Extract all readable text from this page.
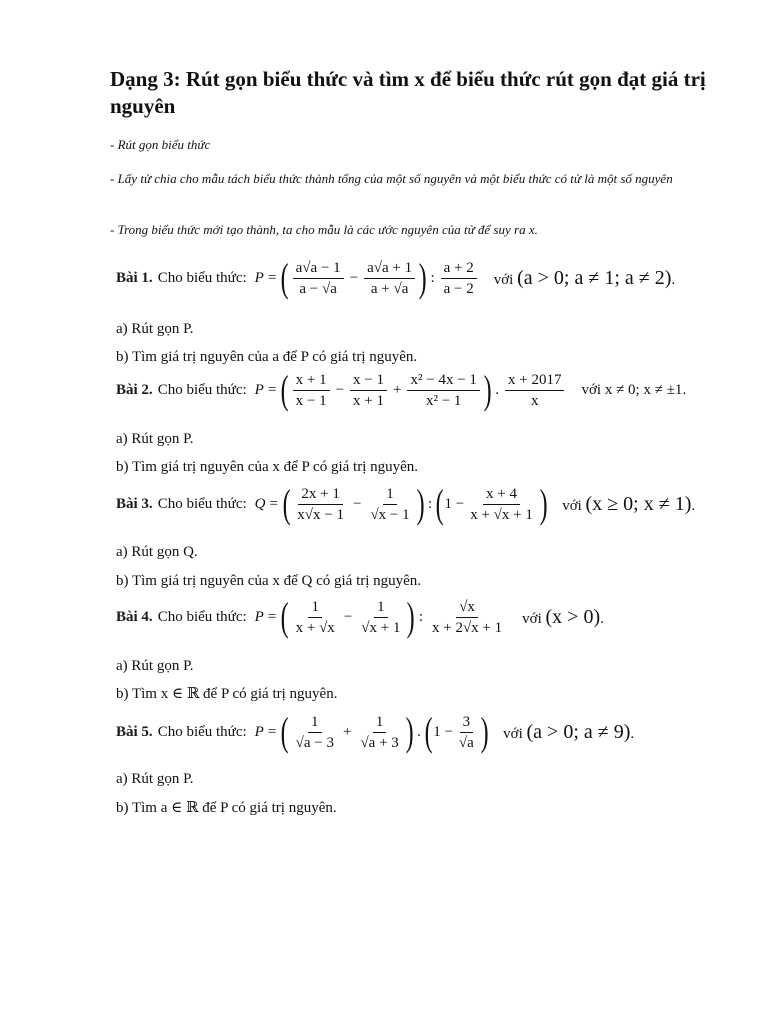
Dạng 3: Rút gọn biểu thức và tìm x để biểu thức rút gọn đạt giá trị nguyên
- Rút gọn biểu thức
- Lấy tử chia cho mẫu tách biểu thức thành tổng của một số nguyên và một biểu thức có tử là một số nguyên
- Trong biểu thức mới tạo thành, ta cho mẫu là các ước nguyên của tử để suy ra x.
Bài 1. Cho biểu thức: P = ( $\frac{a√a - 1}{a - √a} - \frac{a√a + 1}{a + √a}$ ) : $\frac{a + 2}{a - 2}$ với (a > 0; a ≠ 1; a ≠ 2).
a) Rút gọn P.
b) Tìm giá trị nguyên của a để P có giá trị nguyên.
Bài 2. Cho biểu thức: P = ( $\frac{x + 1}{x - 1} - \frac{x - 1}{x + 1} + \frac{\text{x² − 4x − 1}}{\text{x² − 1}}$ ) . $\frac{x + 2017}{x}$ với x ≠ 0; x ≠ ±1.
a) Rút gọn P.
b) Tìm giá trị nguyên của x để P có giá trị nguyên.
Bài 3. Cho biểu thức: Q = ( $\frac{2x + 1}{x√x - 1} - \frac{1}{√x - 1}$ ) : ( $1 - \frac{x + 4}{x + √x + 1}$ ) với (x ≥ 0; x ≠ 1).
a) Rút gọn Q.
b) Tìm giá trị nguyên của x để Q có giá trị nguyên.
Bài 4. Cho biểu thức: P = ( $\frac{1}{x + √x} - \frac{1}{√x + 1}$ ) : $\frac{√x}{x + 2√x + 1}$ với (x > 0).
a) Rút gọn P.
b) Tìm x ∈ ℝ để P có giá trị nguyên.
Bài 5. Cho biểu thức: P = ( $\frac{1}{√a - 3} + \frac{1}{√a + 3}$ ) . ( $1 - \frac{3}{√a}$ ) với (a > 0; a ≠ 9).
a) Rút gọn P.
b) Tìm a ∈ ℝ để P có giá trị nguyên.
